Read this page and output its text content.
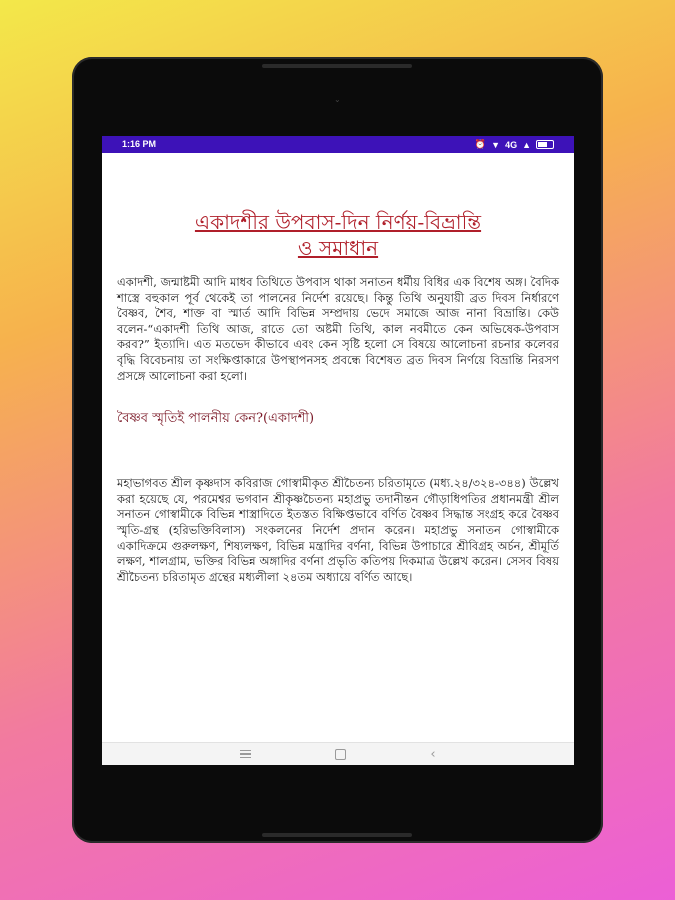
⌄
1:16 PM	⏰ ▼ 4G ▲
একাদশীর উপবাস-দিন নির্ণয়-বিভ্রান্তি
ও সমাধান

একাদশী, জন্মাষ্টমী আদি মাধব তিথিতে উপবাস থাকা সনাতন ধর্মীয় বিধির এক বিশেষ অঙ্গ। বৈদিক শাস্ত্রে বহুকাল পূর্ব থেকেই তা পালনের নির্দেশ রয়েছে। কিন্তু তিথি অনুযায়ী ব্রত দিবস নির্ধারণে বৈষ্ণব, শৈব, শাক্ত বা স্মার্ত আদি বিভিন্ন সম্প্রদায় ভেদে সমাজে আজ নানা বিভ্রান্তি। কেউ বলেন-“একাদশী তিথি আজ, রাতে তো অষ্টমী তিথি, কাল নবমীতে কেন অভিষেক-উপবাস করব?” ইত্যাদি। এত মতভেদ কীভাবে এবং কেন সৃষ্টি হলো সে বিষয়ে আলোচনা রচনার কলেবর বৃদ্ধি বিবেচনায় তা সংক্ষিপ্তাকারে উপস্থাপনসহ প্রবন্ধে বিশেষত ব্রত দিবস নির্ণয়ে বিভ্রান্তি নিরসণ প্রসঙ্গে আলোচনা করা হলো।

বৈষ্ণব স্মৃতিই পালনীয় কেন?(একাদশী)

মহাভাগবত শ্রীল কৃষ্ণদাস কবিরাজ গোস্বামীকৃত শ্রীচৈতন্য চরিতামৃতে (মধ্য.২৪/৩২৪-৩৪৪) উল্লেখ করা হয়েছে যে, পরমেশ্বর ভগবান শ্রীকৃষ্ণচৈতন্য মহাপ্রভু তদানীন্তন গৌড়াধিপতির প্রধানমন্ত্রী শ্রীল সনাতন গোস্বামীকে বিভিন্ন শাস্ত্রাদিতে ইতস্তত বিক্ষিপ্তভাবে বর্ণিত বৈষ্ণব সিদ্ধান্ত সংগ্রহ করে বৈষ্ণব স্মৃতি-গ্রন্থ (হরিভক্তিবিলাস) সংকলনের নির্দেশ প্রদান করেন। মহাপ্রভু সনাতন গোস্বামীকে একাদিক্রমে গুরুলক্ষণ, শিষ্যলক্ষণ, বিভিন্ন মন্ত্রাদির বর্ণনা, বিভিন্ন উপাচারে শ্রীবিগ্রহ অর্চন, শ্রীমূর্তি লক্ষণ, শালগ্রাম, ভক্তির বিভিন্ন অঙ্গাদির বর্ণনা প্রভৃতি কতিপয় দিকমাত্র উল্লেখ করেন। সেসব বিষয় শ্রীচৈতন্য চরিতামৃত গ্রন্থের মধ্যলীলা ২৪তম অধ্যায়ে বর্ণিত আছে।

‹
